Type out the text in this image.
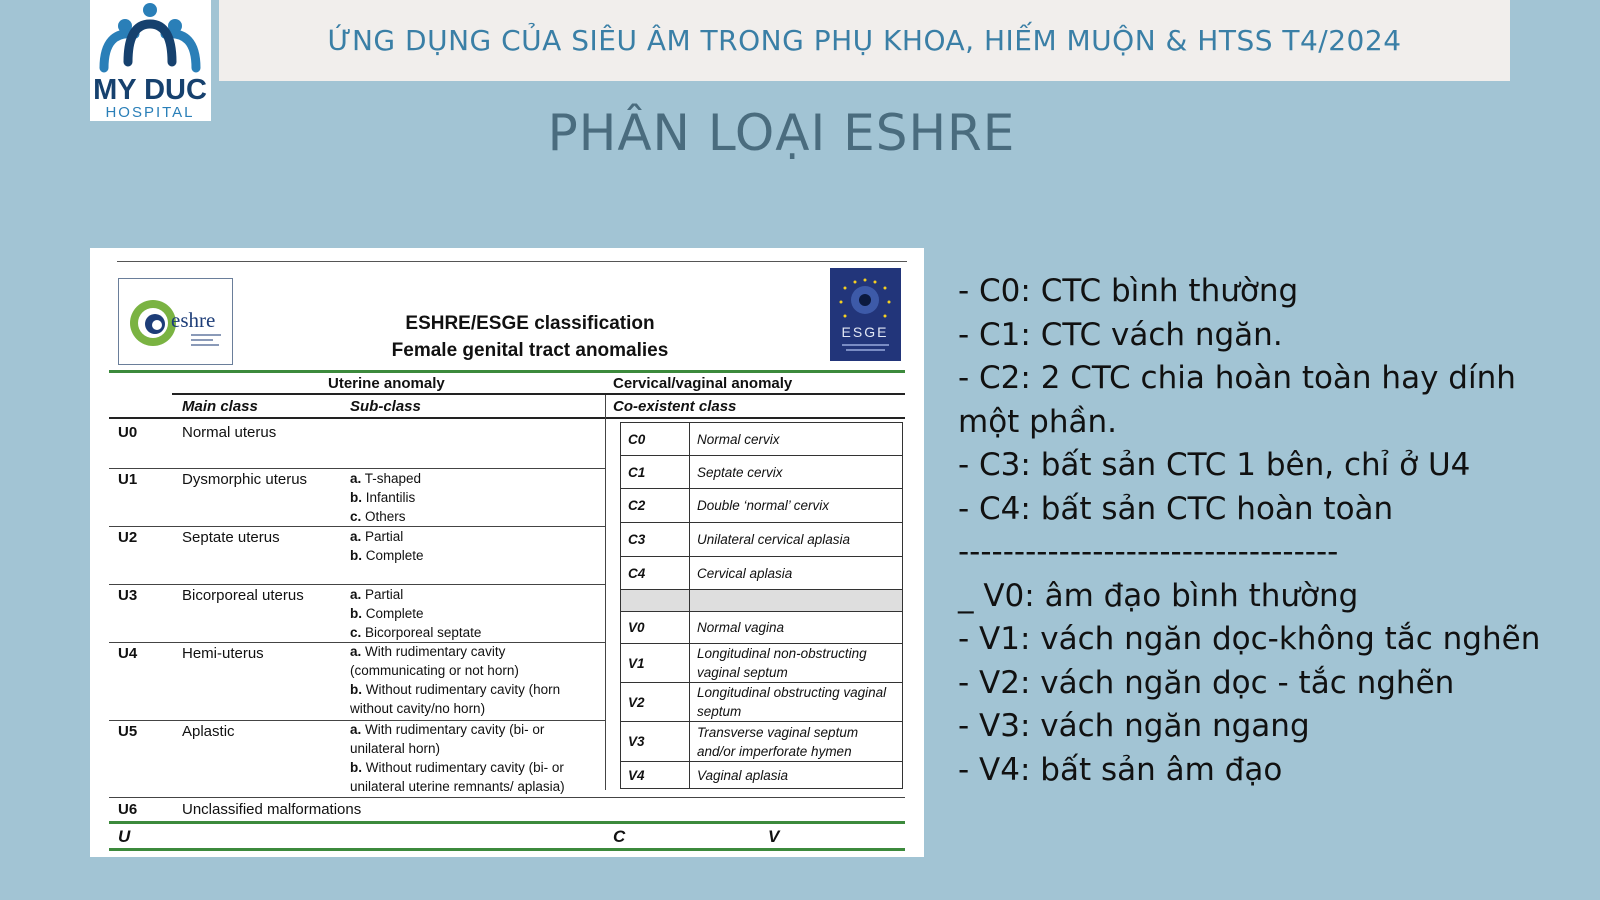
MY DUC
HOSPITAL
ỨNG DỤNG CỦA SIÊU ÂM TRONG PHỤ KHOA, HIẾM MUỘN & HTSS T4/2024
PHÂN LOẠI ESHRE
eshre	ESGE
ESHRE/ESGE classification
Female genital tract anomalies
Uterine anomaly	Cervical/vaginal anomaly
Main class	Sub-class	Co-existent class
U0	Normal uterus
U1	Dysmorphic uterus	a. T-shaped
b. Infantilis
c. Others
U2	Septate uterus	a. Partial
b. Complete
U3	Bicorporeal uterus	a. Partial
b. Complete
c. Bicorporeal septate
U4	Hemi-uterus	a. With rudimentary cavity
(communicating or not horn)
b. Without rudimentary cavity (horn
without cavity/no horn)
U5	Aplastic	a. With rudimentary cavity (bi- or
unilateral horn)
b. Without rudimentary cavity (bi- or
unilateral uterine remnants/ aplasia)
U6	Unclassified malformations
U	C	V
C0	Normal cervix
C1	Septate cervix
C2	Double ‘normal’ cervix
C3	Unilateral cervical aplasia
C4	Cervical aplasia

V0	Normal vagina
V1	Longitudinal non-obstructing vaginal septum
V2	Longitudinal obstructing vaginal septum
V3	Transverse vaginal septum and/or imperforate hymen
V4	Vaginal aplasia
- C0: CTC bình thường
- C1: CTC vách ngăn.
- C2: 2 CTC chia hoàn toàn hay dính một phần.
- C3: bất sản CTC 1 bên, chỉ ở U4
- C4: bất sản CTC hoàn toàn
----------------------------------
_ V0: âm đạo bình thường
- V1: vách ngăn dọc-không tắc nghẽn
- V2: vách ngăn dọc - tắc nghẽn
- V3: vách ngăn ngang
- V4: bất sản âm đạo
